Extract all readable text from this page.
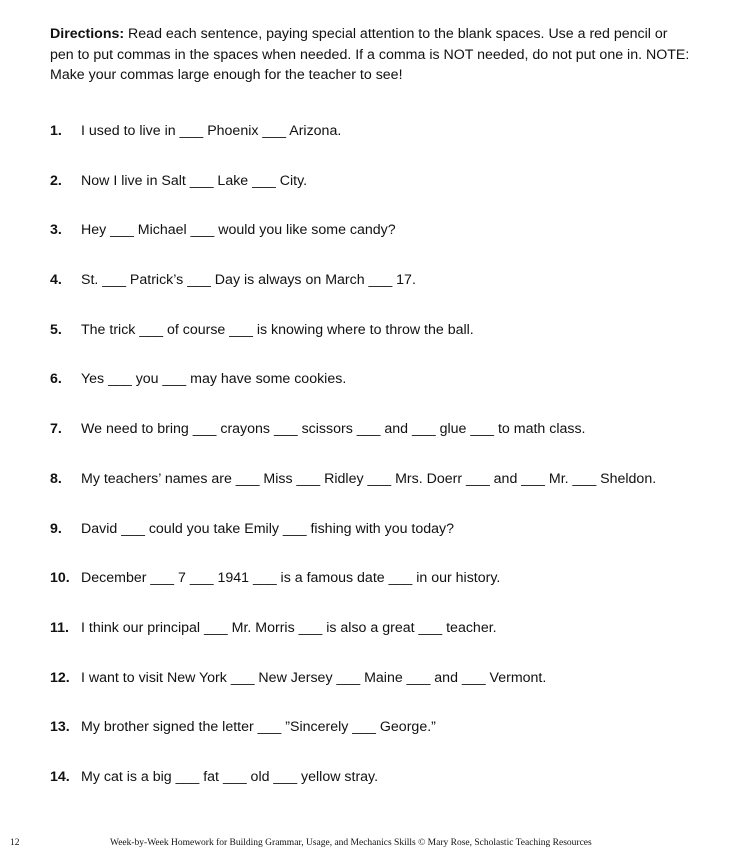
Directions: Read each sentence, paying special attention to the blank spaces. Use a red pencil or pen to put commas in the spaces when needed. If a comma is NOT needed, do not put one in. NOTE: Make your commas large enough for the teacher to see!

1.	I used to live in ___ Phoenix ___ Arizona.
2.	Now I live in Salt ___ Lake ___ City.
3.	Hey ___ Michael ___ would you like some candy?
4.	St. ___ Patrick’s ___ Day is always on March ___ 17.
5.	The trick ___ of course ___ is knowing where to throw the ball.
6.	Yes ___ you ___ may have some cookies.
7.	We need to bring ___ crayons ___ scissors ___ and ___ glue ___ to math class.
8.	My teachers’ names are ___ Miss ___ Ridley ___ Mrs. Doerr ___ and ___ Mr. ___ Sheldon.
9.	David ___ could you take Emily ___ fishing with you today?
10. December ___ 7 ___ 1941 ___ is a famous date ___ in our history.
11. I think our principal ___ Mr. Morris ___ is also a great ___ teacher.
12. I want to visit New York ___ New Jersey ___ Maine ___ and ___ Vermont.
13. My brother signed the letter ___ ”Sincerely ___ George.”
14. My cat is a big ___ fat ___ old ___ yellow stray.
12	Week-by-Week Homework for Building Grammar, Usage, and Mechanics Skills © Mary Rose, Scholastic Teaching Resources
